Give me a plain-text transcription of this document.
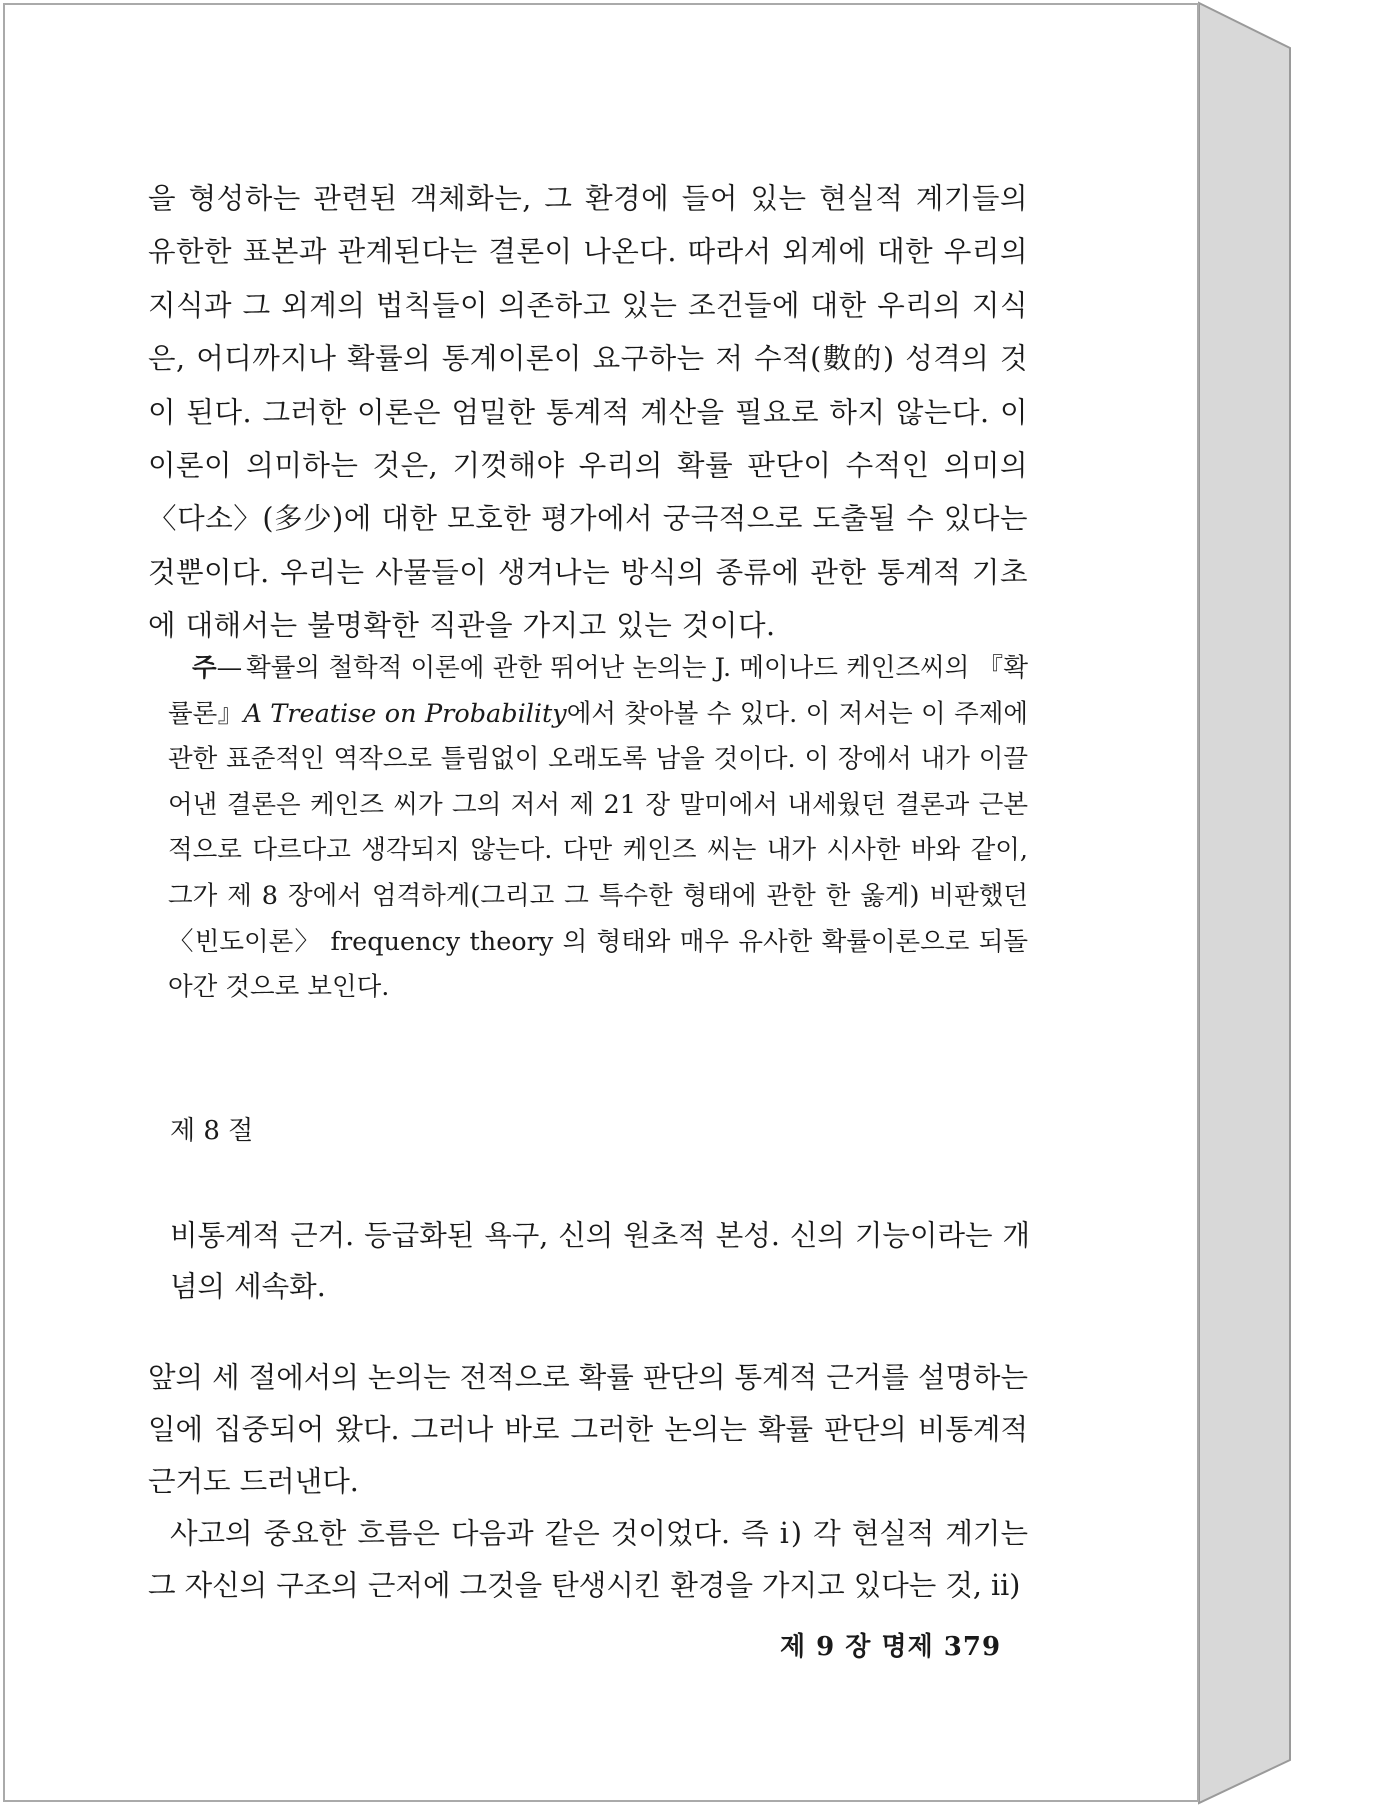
을 형성하는 관련된 객체화는, 그 환경에 들어 있는 현실적 계기들의 유한한 표본과 관계된다는 결론이 나온다. 따라서 외계에 대한 우리의 지식과 그 외계의 법칙들이 의존하고 있는 조건들에 대한 우리의 지식은, 어디까지나 확률의 통계이론이 요구하는 저 수적(數的) 성격의 것이 된다. 그러한 이론은 엄밀한 통계적 계산을 필요로 하지 않는다. 이 이론이 의미하는 것은, 기껏해야 우리의 확률 판단이 수적인 의미의 〈다소〉(多少)에 대한 모호한 평가에서 궁극적으로 도출될 수 있다는 것뿐이다. 우리는 사물들이 생겨나는 방식의 종류에 관한 통계적 기초에 대해서는 불명확한 직관을 가지고 있는 것이다.

주— 확률의 철학적 이론에 관한 뛰어난 논의는 J. 메이나드 케인즈씨의 『확률론』A Treatise on Probability에서 찾아볼 수 있다. 이 저서는 이 주제에 관한 표준적인 역작으로 틀림없이 오래도록 남을 것이다. 이 장에서 내가 이끌어낸 결론은 케인즈 씨가 그의 저서 제 21 장 말미에서 내세웠던 결론과 근본적으로 다르다고 생각되지 않는다. 다만 케인즈 씨는 내가 시사한 바와 같이, 그가 제 8 장에서 엄격하게(그리고 그 특수한 형태에 관한 한 옳게) 비판했던 〈빈도이론〉 frequency theory 의 형태와 매우 유사한 확률이론으로 되돌아간 것으로 보인다.

제 8 절

비통계적 근거. 등급화된 욕구, 신의 원초적 본성. 신의 기능이라는 개념의 세속화.

앞의 세 절에서의 논의는 전적으로 확률 판단의 통계적 근거를 설명하는 일에 집중되어 왔다. 그러나 바로 그러한 논의는 확률 판단의 비통계적 근거도 드러낸다.

사고의 중요한 흐름은 다음과 같은 것이었다. 즉 ⅰ) 각 현실적 계기는 그 자신의 구조의 근저에 그것을 탄생시킨 환경을 가지고 있다는 것, ⅱ)

제 9 장 명제 379
